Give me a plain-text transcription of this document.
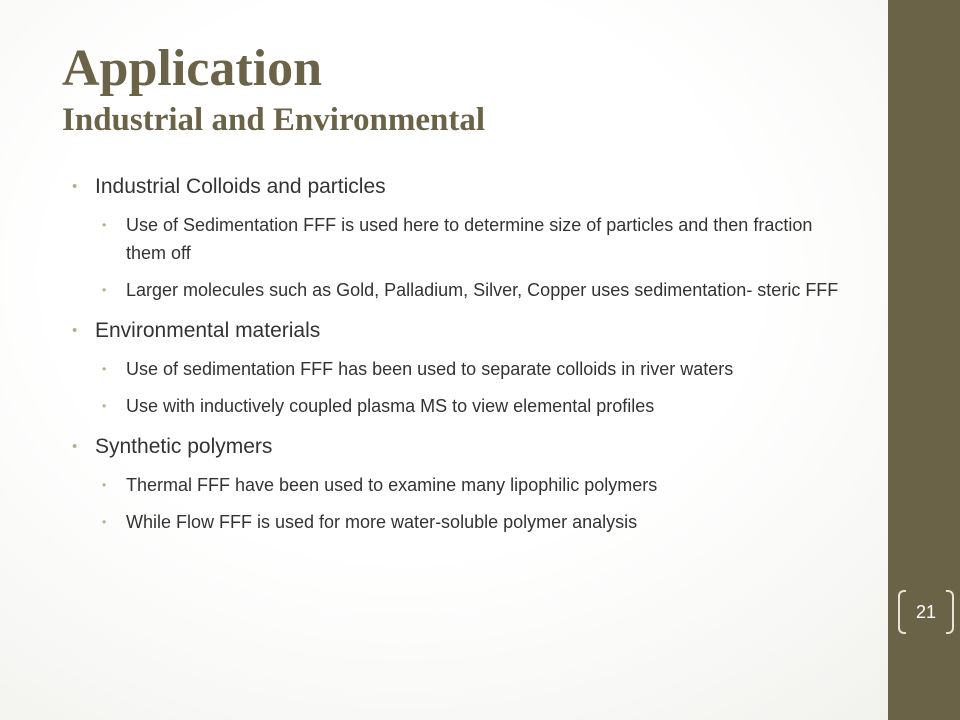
Application
Industrial and Environmental
• Industrial Colloids and particles
• Use of Sedimentation FFF is used here to determine size of particles and then fraction them off
• Larger molecules such as Gold, Palladium, Silver, Copper uses sedimentation- steric FFF
• Environmental materials
• Use of sedimentation FFF has been used to separate colloids in river waters
• Use with inductively coupled plasma MS to view elemental profiles
• Synthetic polymers
• Thermal FFF have been used to examine many lipophilic polymers
• While Flow FFF is used for more water-soluble polymer analysis
21
